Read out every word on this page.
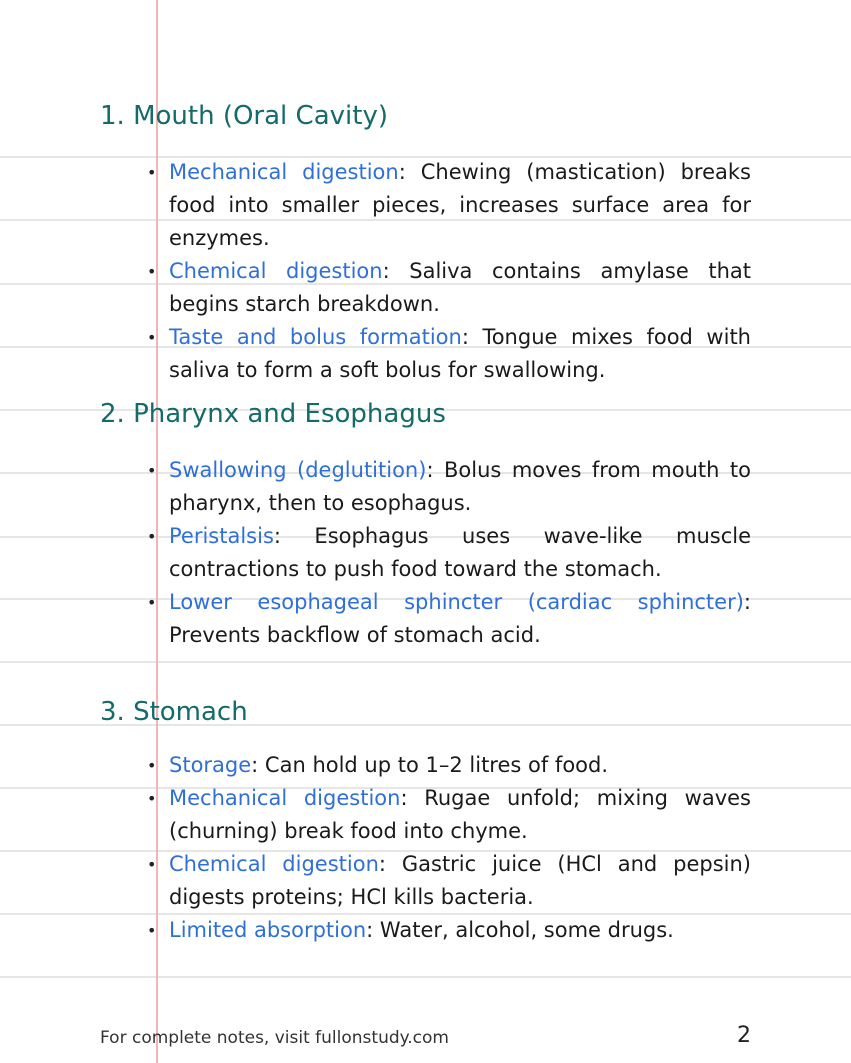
1. Mouth (Oral Cavity)
• Mechanical digestion: Chewing (mastication) breaks food into smaller pieces, increases surface area for enzymes.
• Chemical digestion: Saliva contains amylase that begins starch breakdown.
• Taste and bolus formation: Tongue mixes food with saliva to form a soft bolus for swallowing.
2. Pharynx and Esophagus
• Swallowing (deglutition): Bolus moves from mouth to pharynx, then to esophagus.
• Peristalsis: Esophagus uses wave-like muscle contractions to push food toward the stomach.
• Lower esophageal sphincter (cardiac sphincter): Prevents backflow of stomach acid.
3. Stomach
• Storage: Can hold up to 1–2 litres of food.
• Mechanical digestion: Rugae unfold; mixing waves (churning) break food into chyme.
• Chemical digestion: Gastric juice (HCl and pepsin) digests proteins; HCl kills bacteria.
• Limited absorption: Water, alcohol, some drugs.
For complete notes, visit fullonstudy.com	2
